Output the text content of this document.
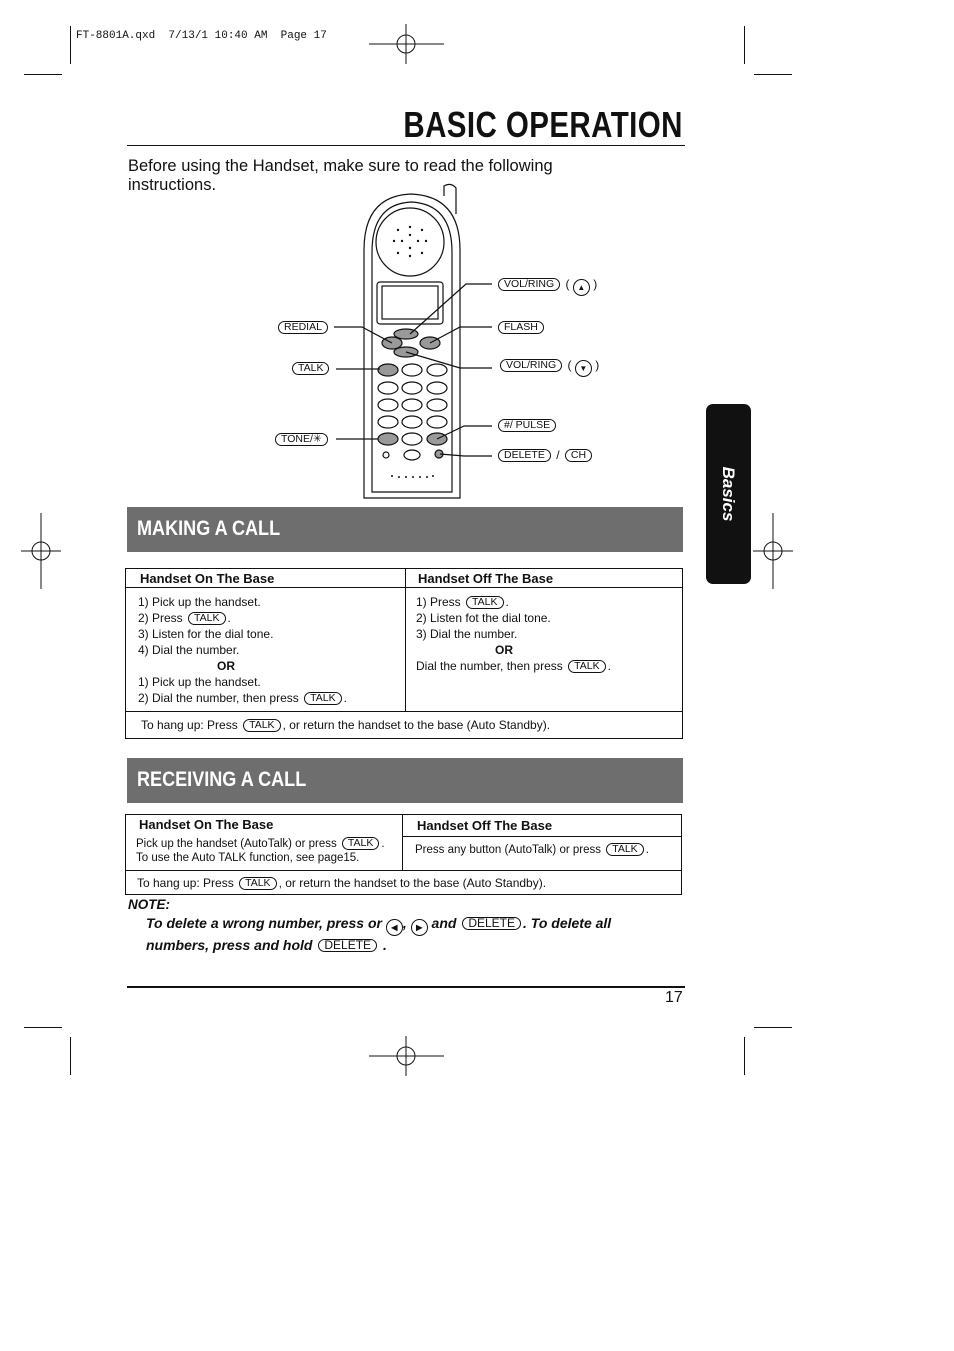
FT-8801A.qxd  7/13/1 10:40 AM  Page 17
BASIC OPERATION
Before using the Handset, make sure to read the following instructions.
VOL/RING ( ▲ )
FLASH
VOL/RING ( ▼ )
REDIAL
TALK
TONE/✳
#/ PULSE
DELETE / CH
Basics
MAKING A CALL
Handset On The Base	Handset Off The Base
1) Pick up the handset.
2) Press TALK .
3) Listen for the dial tone.
4) Dial the number.
OR
1) Pick up the handset.
2) Dial the number, then press TALK .
1) Press TALK .
2) Listen fot the dial tone.
3) Dial the number.
OR
Dial the number, then press TALK .
To hang up: Press TALK , or return the handset to the base (Auto Standby).
RECEIVING A CALL
Handset On The Base	Handset Off The Base
Pick up the handset (AutoTalk) or press TALK .
To use the Auto TALK function, see page15.
Press any button (AutoTalk) or press TALK .
To hang up: Press TALK , or return the handset to the base (Auto Standby).
NOTE:
To delete a wrong number, press or ◀ , ▶ and DELETE . To delete all
numbers, press and hold DELETE .
17
